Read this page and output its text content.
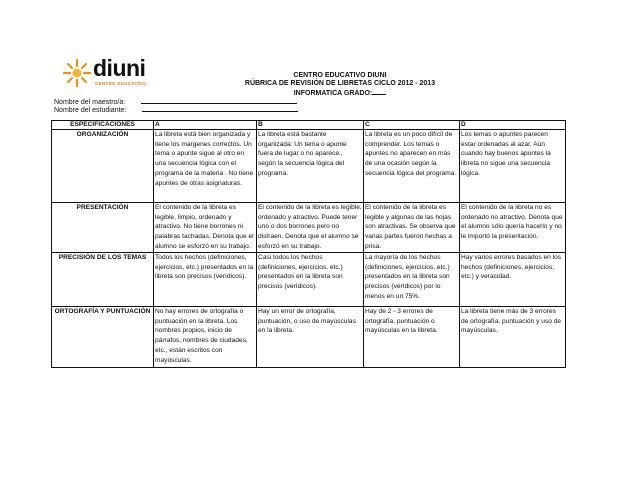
diuni
CENTRO EDUCATIVO
CENTRO EDUCATIVO DIUNI
RÚBRICA DE REVISIÓN DE LIBRETAS CICLO 2012 - 2013
INFORMATICA GRADO:
Nombre del maestro/a:
Nombre del estudiante:
ESPECIFICACIONES	A	B	C	D
ORGANIZACIÓN	La libreta está bien organizada y tiene los margenes correctos. Un tema o apunte sigue al otro en una secuencia lógica con el programa de la materia . No tiene apuntes de otras asignaturas.	La libreta está bastante organizada: Un tema o apunte fuera de lugar o no aparece., según la secuencia lógica del programa.	La libreta es un poco difícil de comprender. Los temas o apuntes no aparecen en más de una ocasión según la secuencia lógica del programa.	Los temas o apuntes parecen estar ordenadas al azar. Aún cuando hay buenos apuntes la libreta no sigue una secuencia lógica.
PRESENTACIÓN	El contenido de la libreta es legible, limpio, ordenado y atractivo. No tiene borrones ni palabras tachadas. Denota que el alumno se esforzó en su trabajo.	El contenido de la libreta es legible, ordenado y atractivo. Puede tener uno o dos borrones pero no distraen. Denota que el alumno se esforzó en su trabajo.	El contenido de la libreta es legible y algunas de las hojas son atractivas. Se observa que varias partes fueron hechas a prisa.	El contenido de la libreta no es ordenado no atractivo. Denota que el alumno sólo quería hacerlo y no le importó la presentación.
PRECISIÓN DE LOS TEMAS	Todos los hechos (definiciones, ejercicios, etc.) presentados en la libreta son precisos (verídicos).	Casi todos los hechos (definiciones, ejercicios, etc.) presentados en la libreta son precisos (verídicos).	La mayoría de los hechos (definiciones, ejercicios, etc.) presentados en la libreta son precisos (verídicos) por lo menos en un 75%.	Hay varios errores basados en los hechos (definiciones, ejercicios, etc.) y veracidad.
ORTOGRAFÍA Y PUNTUACIÓN	No hay errores de ortografía o puntuación en la libreta. Los nombres propios, inicio de párrafos, nombres de ciudades, etc., están escritos con mayúsculas.	Hay un error de ortografía, puntuación, o uso de mayúsculas en la libreta.	Hay de 2 - 3 errores de ortografía, puntuación o mayúsculas en la libreta.	La libreta tiene más de 3 errores de ortografía, puntuación y uso de mayúsculas.
